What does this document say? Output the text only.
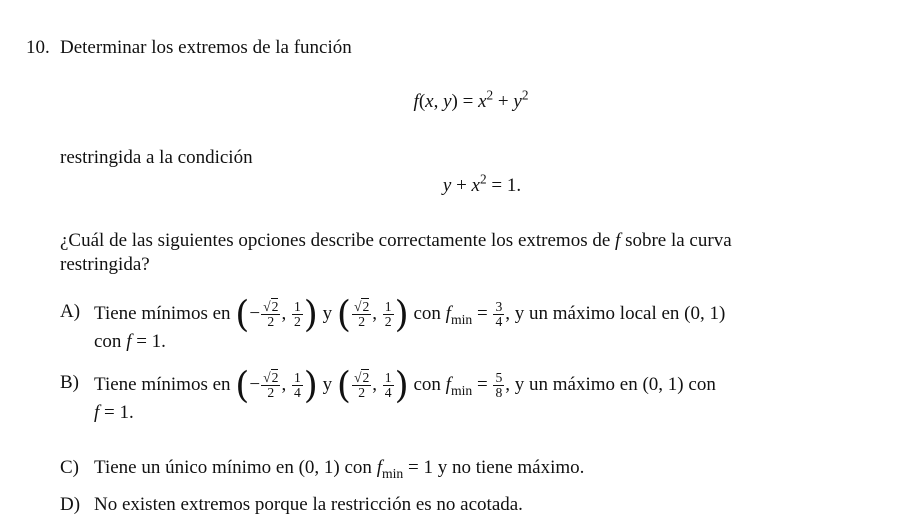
10. Determinar los extremos de la función
f(x, $y) = x^2 + y^2$
restringida a la condición
$y + x^2 = 1$.
¿Cuál de las siguientes opciones describe correctamente los extremos de f sobre la curva
restringida?
A) Tiene mínimos en (− $\frac{√2}{2}$ , $\frac{1}{2}$ ) y ( $\frac{√2}{2}$ , $\frac{1}{2}$ ) con $f_{min} = \frac{3}{4}$ , y un máximo local en (0, 1)
con f = 1.
B) Tiene mínimos en (− $\frac{√2}{2}$ , $\frac{1}{4}$ ) y ( $\frac{√2}{2}$ , $\frac{1}{4}$ ) con $f_{min} = \frac{5}{8}$ , y un máximo en (0, 1) con
f = 1.
C) Tiene un único mínimo en (0, 1) con $f_{min} = 1$ y no tiene máximo.
D) No existen extremos porque la restricción es no acotada.
